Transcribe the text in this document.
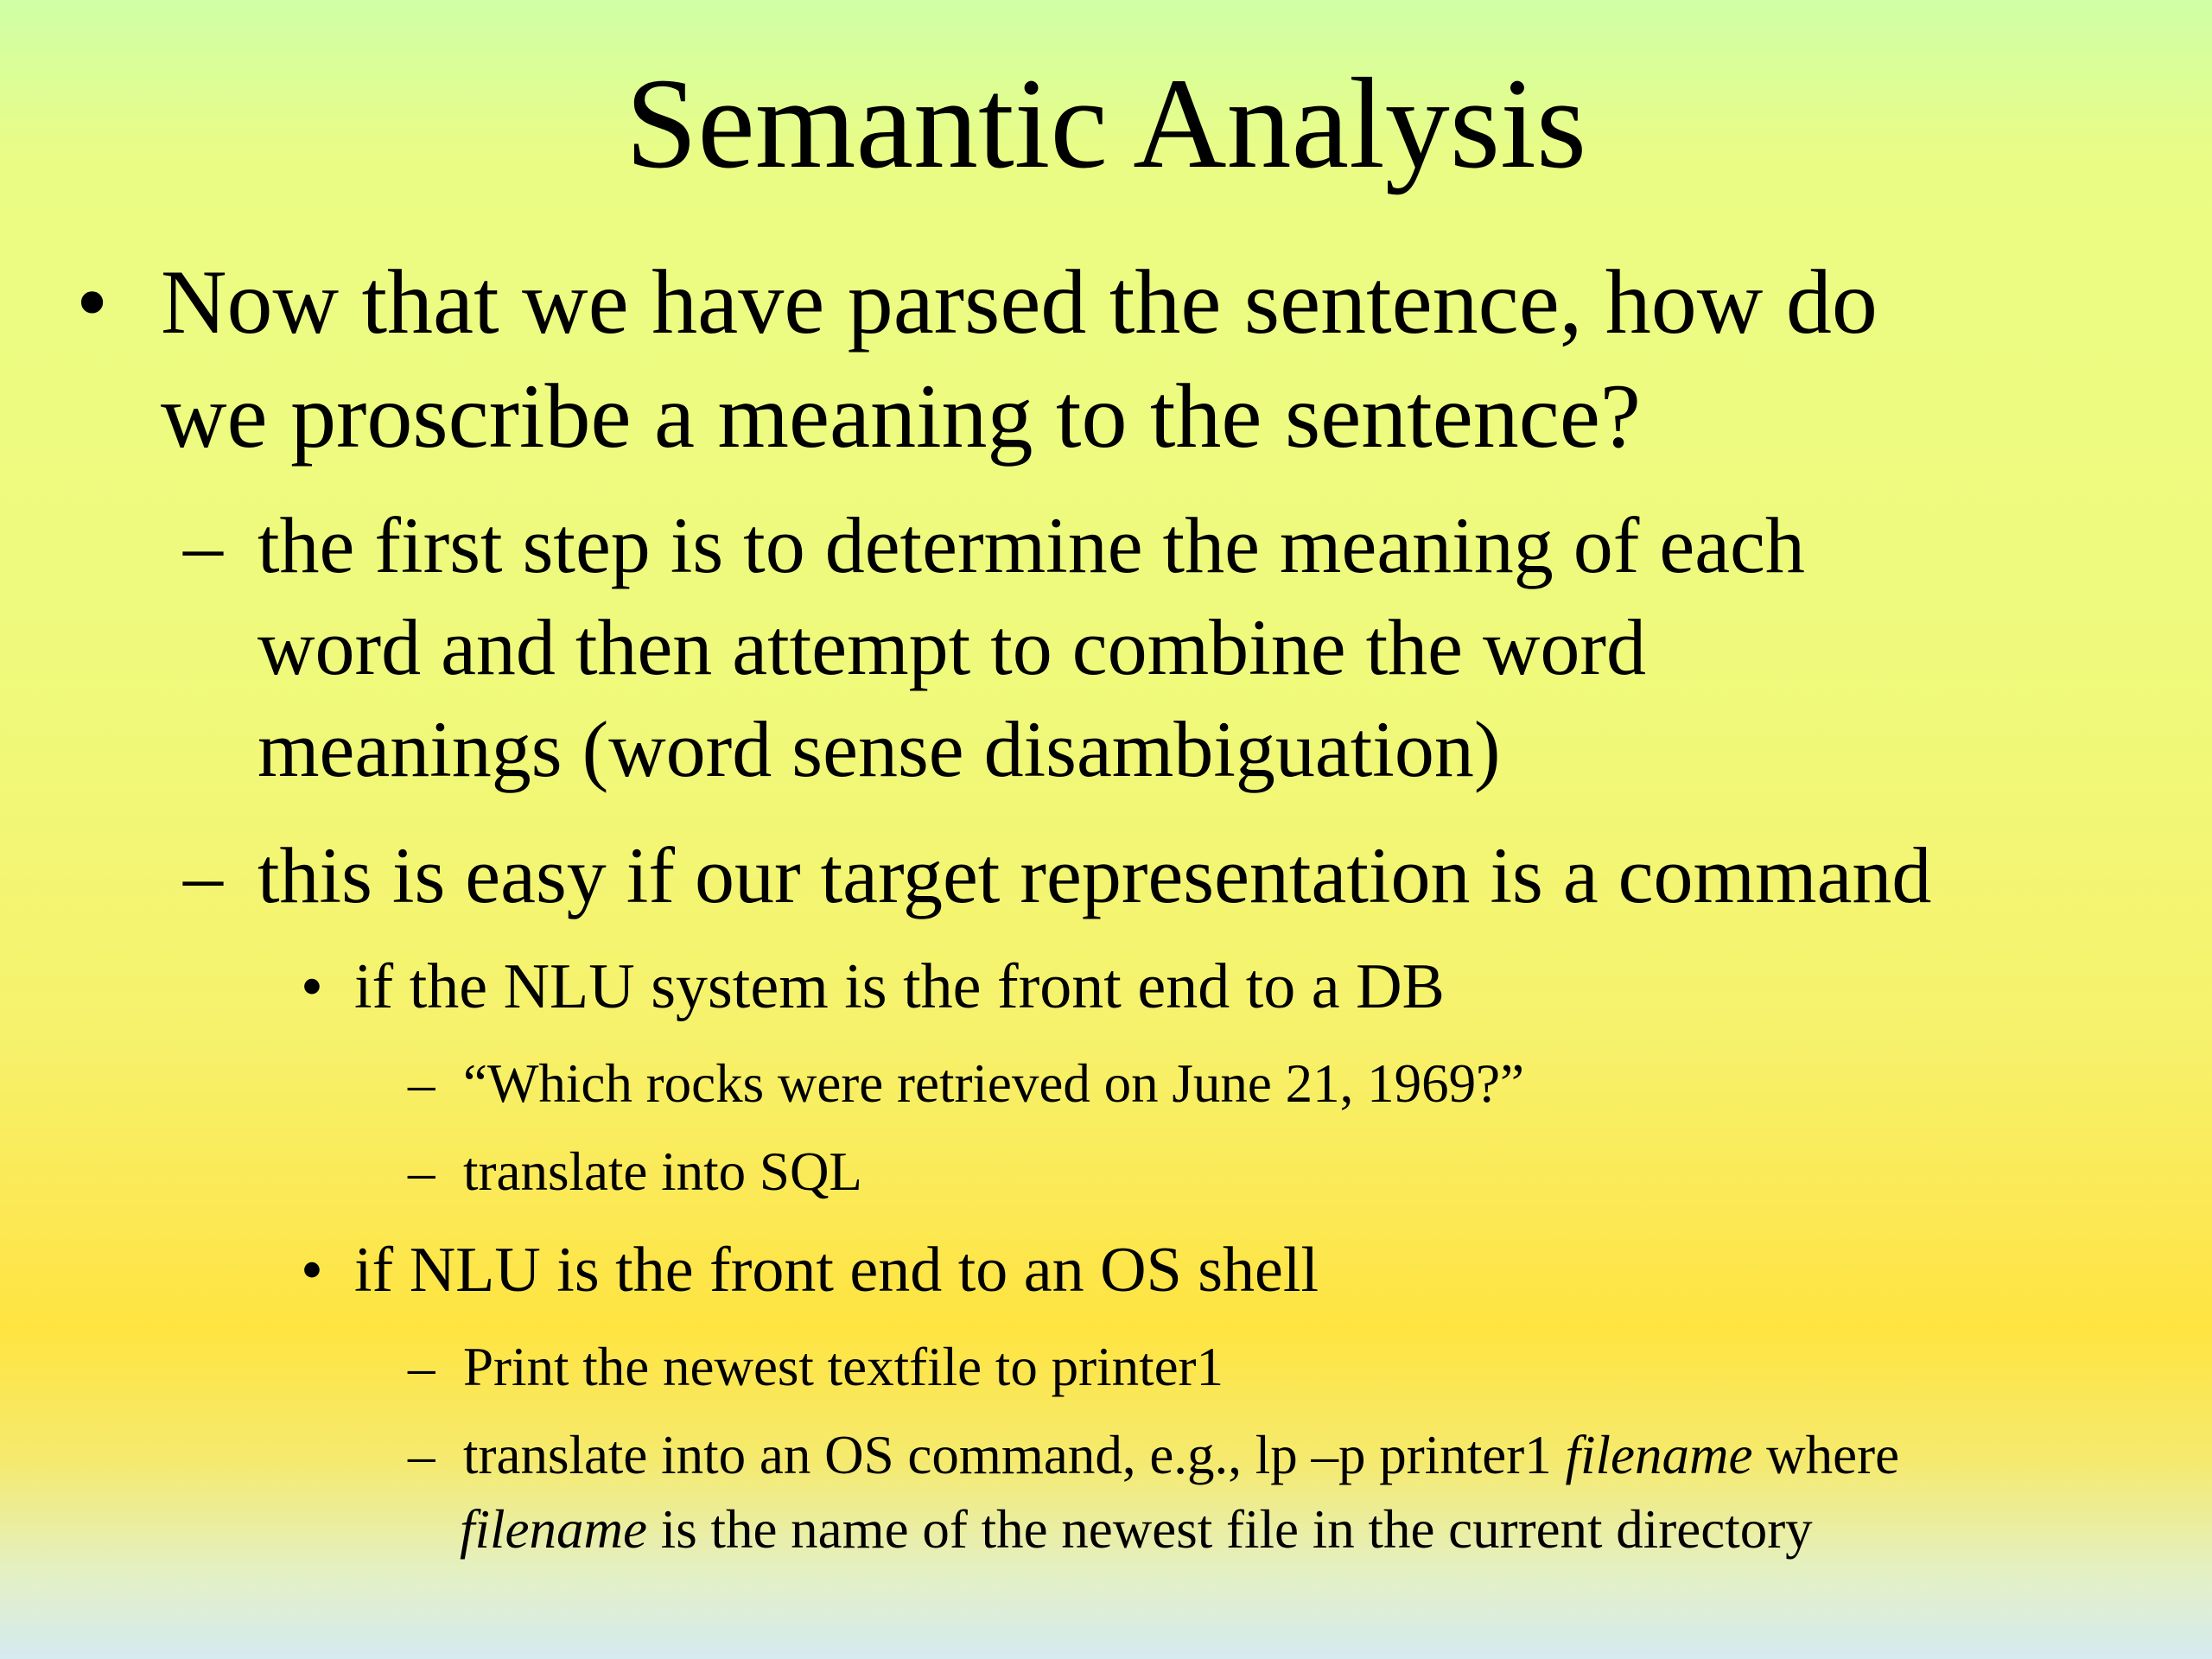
Semantic Analysis
• Now that we have parsed the sentence, how do
we proscribe a meaning to the sentence?
– the first step is to determine the meaning of each
word and then attempt to combine the word
meanings (word sense disambiguation)
– this is easy if our target representation is a command
• if the NLU system is the front end to a DB
– “Which rocks were retrieved on June 21, 1969?”
– translate into SQL
• if NLU is the front end to an OS shell
– Print the newest textfile to printer1
– translate into an OS command, e.g., lp –p printer1 filename where
filename is the name of the newest file in the current directory
